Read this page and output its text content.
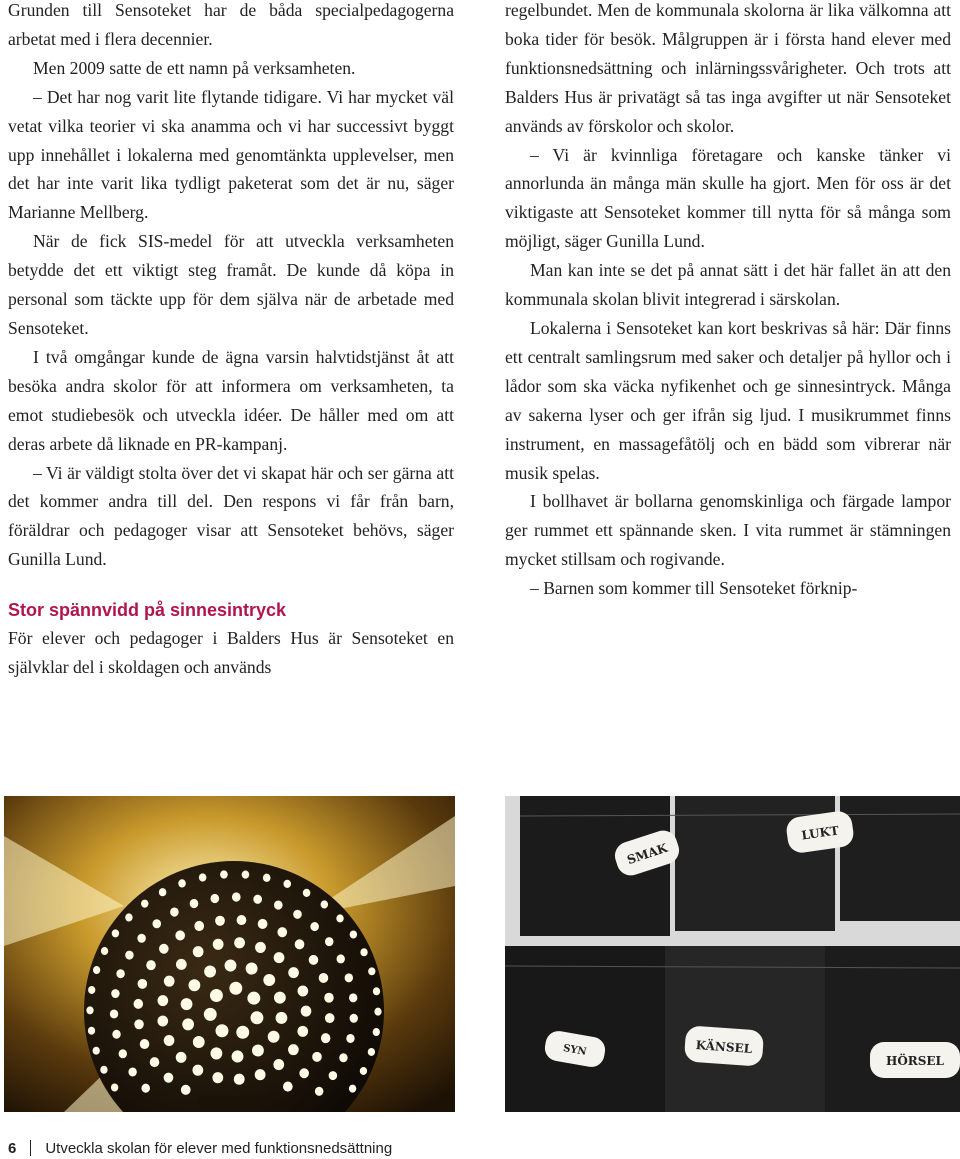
Grunden till Sensoteket har de båda specialpedagogerna arbetat med i flera decennier.

Men 2009 satte de ett namn på verksamheten.

– Det har nog varit lite flytande tidigare. Vi har mycket väl vetat vilka teorier vi ska anamma och vi har successivt byggt upp innehållet i lokalerna med genomtänkta upplevelser, men det har inte varit lika tydligt paketerat som det är nu, säger Marianne Mellberg.

När de fick SIS-medel för att utveckla verksamheten betydde det ett viktigt steg framåt. De kunde då köpa in personal som täckte upp för dem själva när de arbetade med Sensoteket.

I två omgångar kunde de ägna varsin halvtidstjänst åt att besöka andra skolor för att informera om verksamheten, ta emot studiebesök och utveckla idéer. De håller med om att deras arbete då liknade en PR-kampanj.

– Vi är väldigt stolta över det vi skapat här och ser gärna att det kommer andra till del. Den respons vi får från barn, föräldrar och pedagoger visar att Sensoteket behövs, säger Gunilla Lund.

Stor spännvidd på sinnesintryck

För elever och pedagoger i Balders Hus är Sensoteket en självklar del i skoldagen och används

regelbundet. Men de kommunala skolorna är lika välkomna att boka tider för besök. Målgruppen är i första hand elever med funktionsnedsättning och inlärningssvårigheter. Och trots att Balders Hus är privatägt så tas inga avgifter ut när Sensoteket används av förskolor och skolor.

– Vi är kvinnliga företagare och kanske tänker vi annorlunda än många män skulle ha gjort. Men för oss är det viktigaste att Sensoteket kommer till nytta för så många som möjligt, säger Gunilla Lund.

Man kan inte se det på annat sätt i det här fallet än att den kommunala skolan blivit integrerad i särskolan.

Lokalerna i Sensoteket kan kort beskrivas så här: Där finns ett centralt samlingsrum med saker och detaljer på hyllor och i lådor som ska väcka nyfikenhet och ge sinnesintryck. Många av sakerna lyser och ger ifrån sig ljud. I musikrummet finns instrument, en massagefåtölj och en bädd som vibrerar när musik spelas.

I bollhavet är bollarna genomskinliga och färgade lampor ger rummet ett spännande sken. I vita rummet är stämningen mycket stillsam och rogivande.

– Barnen som kommer till Sensoteket förknip-

SMAK
LUKT
SYN	KÄNSEL
HÖRSEL
6 Utveckla skolan för elever med funktionsnedsättning
